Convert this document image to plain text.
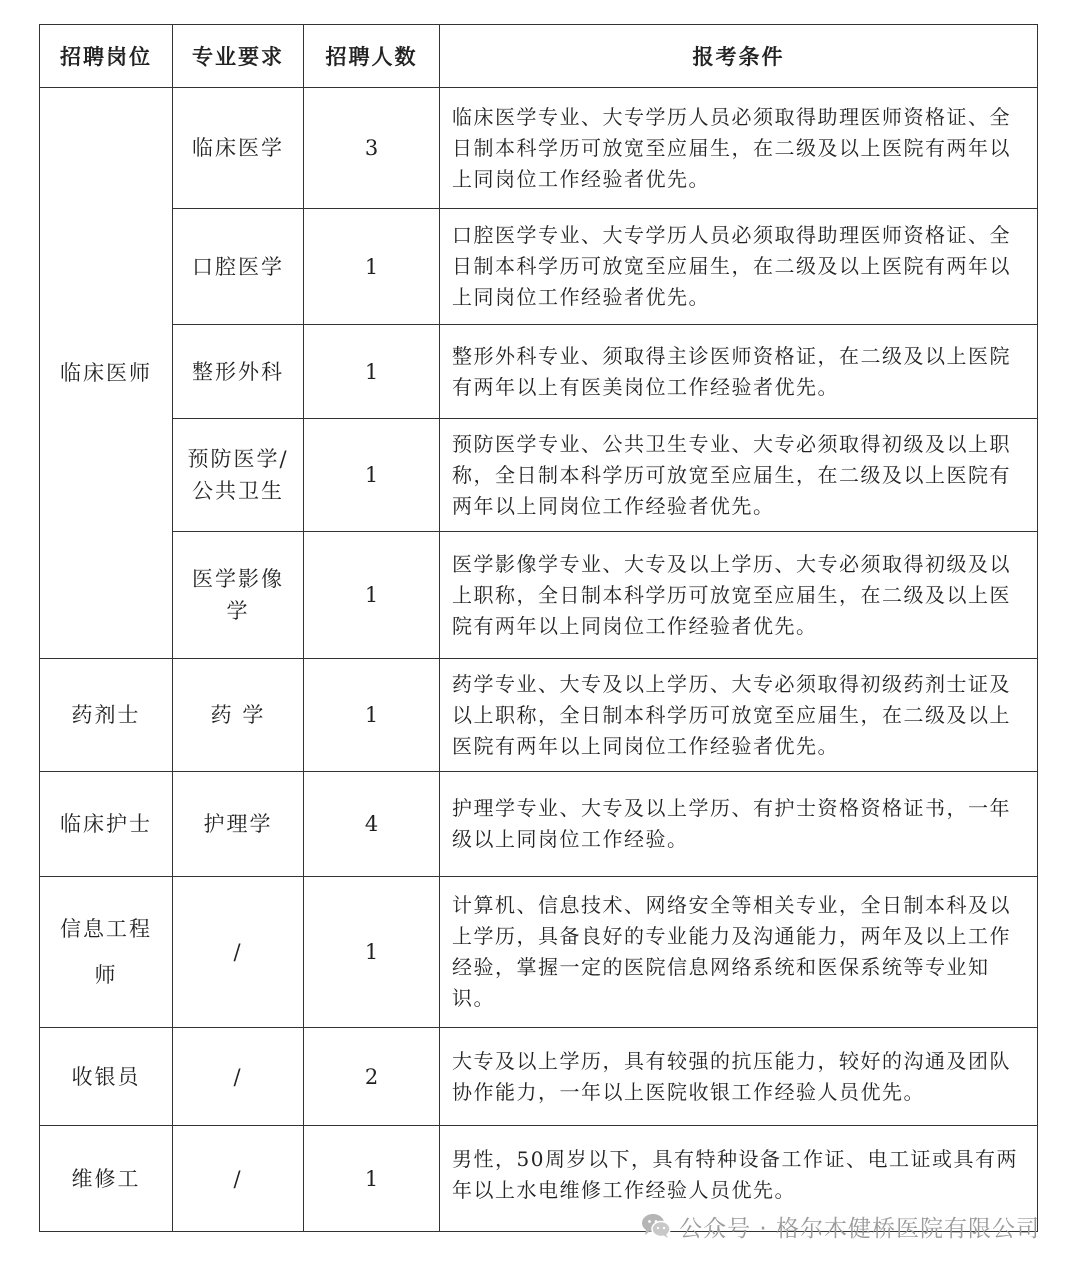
招聘岗位	专业要求	招聘人数	报考条件
临床医师	临床医学	3	临床医学专业、大专学历人员必须取得助理医师资格证、全日制本科学历可放宽至应届生，在二级及以上医院有两年以上同岗位工作经验者优先。
	口腔医学	1	口腔医学专业、大专学历人员必须取得助理医师资格证、全日制本科学历可放宽至应届生，在二级及以上医院有两年以上同岗位工作经验者优先。
	整形外科	1	整形外科专业、须取得主诊医师资格证，在二级及以上医院有两年以上有医美岗位工作经验者优先。
	预防医学/公共卫生	1	预防医学专业、公共卫生专业、大专必须取得初级及以上职称，全日制本科学历可放宽至应届生，在二级及以上医院有两年以上同岗位工作经验者优先。
	医学影像学	1	医学影像学专业、大专及以上学历、大专必须取得初级及以上职称，全日制本科学历可放宽至应届生，在二级及以上医院有两年以上同岗位工作经验者优先。
药剂士	药 学	1	药学专业、大专及以上学历、大专必须取得初级药剂士证及以上职称，全日制本科学历可放宽至应届生，在二级及以上医院有两年以上同岗位工作经验者优先。
临床护士	护理学	4	护理学专业、大专及以上学历、有护士资格资格证书，一年级以上同岗位工作经验。
信息工程师	/	1	计算机、信息技术、网络安全等相关专业，全日制本科及以上学历，具备良好的专业能力及沟通能力，两年及以上工作经验，掌握一定的医院信息网络系统和医保系统等专业知识。
收银员	/	2	大专及以上学历，具有较强的抗压能力，较好的沟通及团队协作能力，一年以上医院收银工作经验人员优先。
维修工	/	1	男性，50周岁以下，具有特种设备工作证、电工证或具有两年以上水电维修工作经验人员优先。
公众号 · 格尔木健桥医院有限公司
